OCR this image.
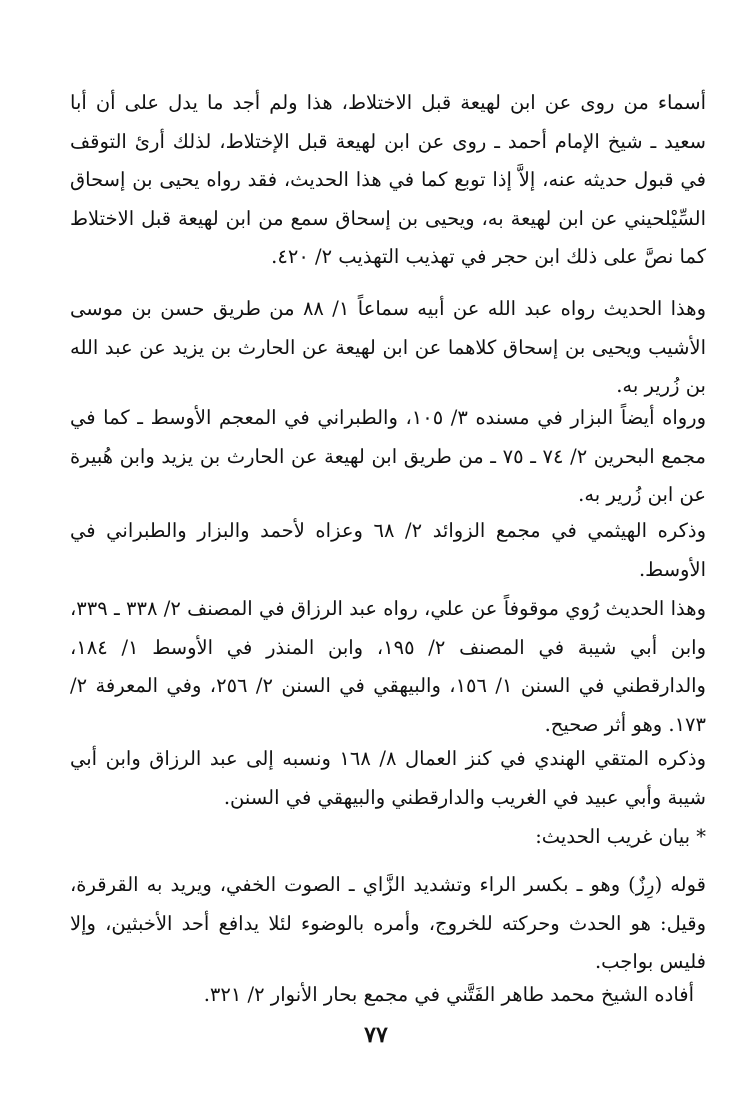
أسماء من روى عن ابن لهيعة قبل الاختلاط، هذا ولم أجد ما يدل على أن أبا سعيد ـ شيخ الإمام أحمد ـ روى عن ابن لهيعة قبل الإختلاط، لذلك أرئ التوقف في قبول حديثه عنه، إلاَّ إذا توبع كما في هذا الحديث، فقد رواه يحيى بن إسحاق السِّيْلحيني عن ابن لهيعة به، ويحيى بن إسحاق سمع من ابن لهيعة قبل الاختلاط كما نصَّ على ذلك ابن حجر في تهذيب التهذيب ٢/ ٤٢٠.

وهذا الحديث رواه عبد الله عن أبيه سماعاً ١/ ٨٨ من طريق حسن بن موسى الأشيب ويحيى بن إسحاق كلاهما عن ابن لهيعة عن الحارث بن يزيد عن عبد الله بن زُرير به.

ورواه أيضاً البزار في مسنده ٣/ ١٠٥، والطبراني في المعجم الأوسط ـ كما في مجمع البحرين ٢/ ٧٤ ـ ٧٥ ـ من طريق ابن لهيعة عن الحارث بن يزيد وابن هُبيرة عن ابن زُرير به.

وذكره الهيثمي في مجمع الزوائد ٢/ ٦٨ وعزاه لأحمد والبزار والطبراني في الأوسط.

وهذا الحديث رُوي موقوفاً عن علي، رواه عبد الرزاق في المصنف ٢/ ٣٣٨ ـ ٣٣٩، وابن أبي شيبة في المصنف ٢/ ١٩٥، وابن المنذر في الأوسط ١/ ١٨٤، والدارقطني في السنن ١/ ١٥٦، والبيهقي في السنن ٢/ ٢٥٦، وفي المعرفة ٢/ ١٧٣. وهو أثر صحيح.

وذكره المتقي الهندي في كنز العمال ٨/ ١٦٨ ونسبه إلى عبد الرزاق وابن أبي شيبة وأبي عبيد في الغريب والدارقطني والبيهقي في السنن.

* بيان غريب الحديث:

قوله (رِزٌ) وهو ـ بكسر الراء وتشديد الزَّاي ـ الصوت الخفي، ويريد به القرقرة، وقيل: هو الحدث وحركته للخروج، وأمره بالوضوء لئلا يدافع أحد الأخبثين، وإلا فليس بواجب.

أفاده الشيخ محمد طاهر الفَتَّني في مجمع بحار الأنوار ٢/ ٣٢١.

٧٧
